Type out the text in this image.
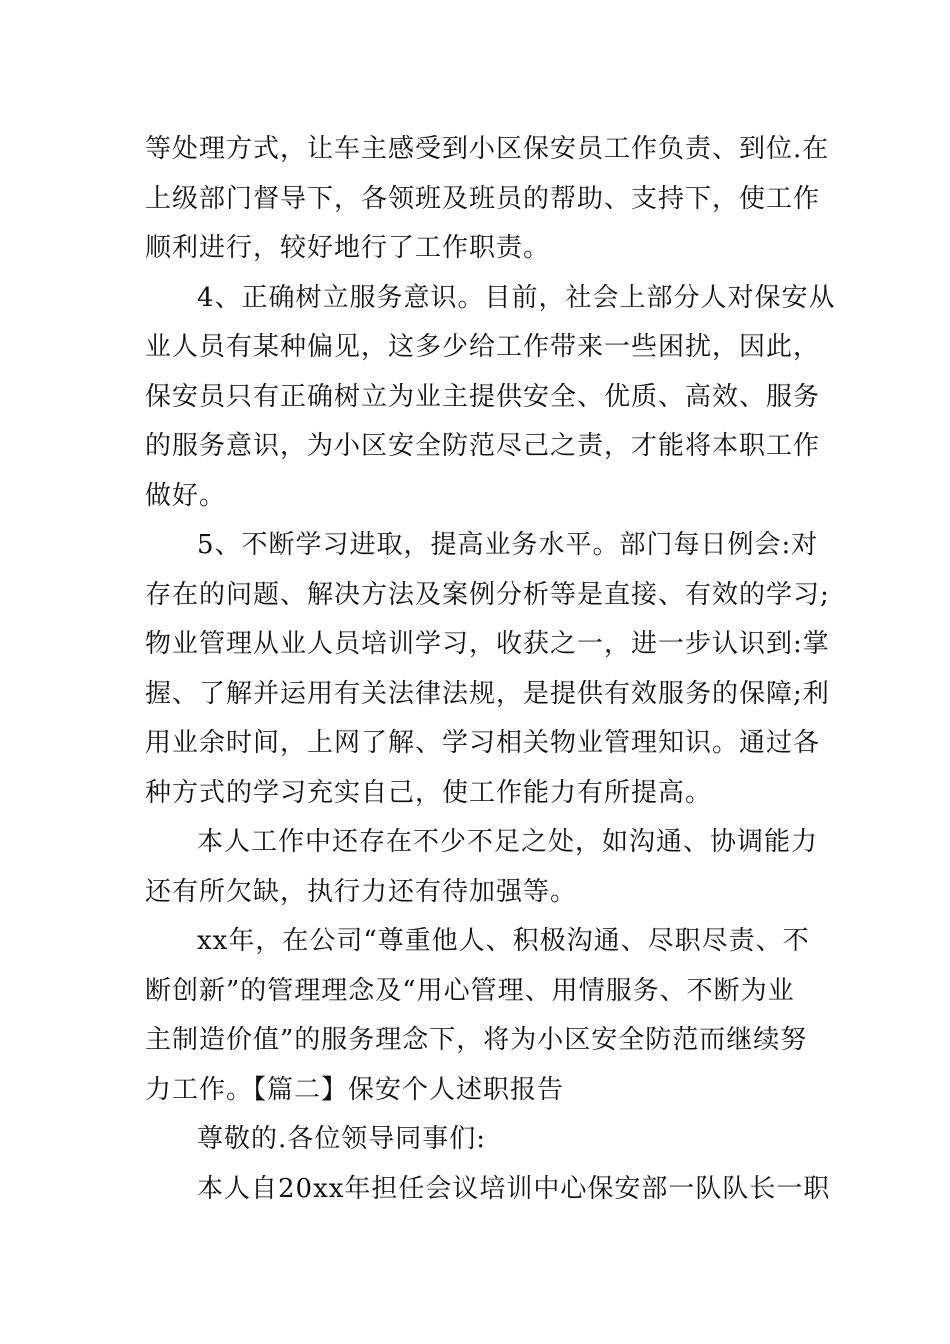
等处理方式，让车主感受到小区保安员工作负责、到位.在
上级部门督导下，各领班及班员的帮助、支持下，使工作
顺利进行，较好地行了工作职责。
4、正确树立服务意识。目前，社会上部分人对保安从
业人员有某种偏见，这多少给工作带来一些困扰，因此，
保安员只有正确树立为业主提供安全、优质、高效、服务
的服务意识，为小区安全防范尽己之责，才能将本职工作
做好。
5、不断学习进取，提高业务水平。部门每日例会:对
存在的问题、解决方法及案例分析等是直接、有效的学习;
物业管理从业人员培训学习，收获之一，进一步认识到:掌
握、了解并运用有关法律法规，是提供有效服务的保障;利
用业余时间，上网了解、学习相关物业管理知识。通过各
种方式的学习充实自己，使工作能力有所提高。
本人工作中还存在不少不足之处，如沟通、协调能力
还有所欠缺，执行力还有待加强等。
xx年，在公司“尊重他人、积极沟通、尽职尽责、不
断创新”的管理理念及“用心管理、用情服务、不断为业
主制造价值”的服务理念下，将为小区安全防范而继续努
力工作。【篇二】保安个人述职报告
尊敬的.各位领导同事们:
本人自20xx年担任会议培训中心保安部一队队长一职
